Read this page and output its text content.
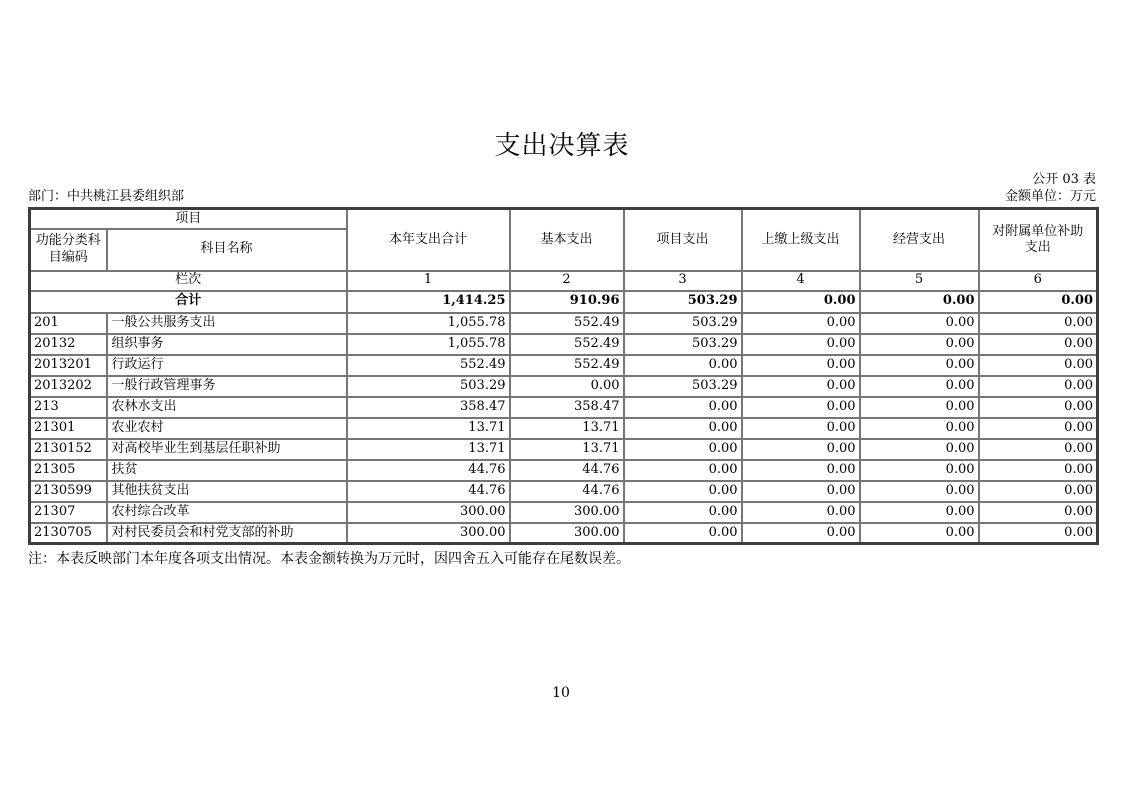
支出决算表
公开 03 表
部门：中共桃江县委组织部	金额单位：万元
项目		本年支出合计	基本支出	项目支出	上缴上级支出	经营支出	对附属单位补助支出
功能分类科目编码	科目名称						
栏次		1	2	3	4	5	6
合计		1,414.25	910.96	503.29	0.00	0.00	0.00
201	一般公共服务支出	1,055.78	552.49	503.29	0.00	0.00	0.00
20132	组织事务	1,055.78	552.49	503.29	0.00	0.00	0.00
2013201	行政运行	552.49	552.49	0.00	0.00	0.00	0.00
2013202	一般行政管理事务	503.29	0.00	503.29	0.00	0.00	0.00
213	农林水支出	358.47	358.47	0.00	0.00	0.00	0.00
21301	农业农村	13.71	13.71	0.00	0.00	0.00	0.00
2130152	对高校毕业生到基层任职补助	13.71	13.71	0.00	0.00	0.00	0.00
21305	扶贫	44.76	44.76	0.00	0.00	0.00	0.00
2130599	其他扶贫支出	44.76	44.76	0.00	0.00	0.00	0.00
21307	农村综合改革	300.00	300.00	0.00	0.00	0.00	0.00
2130705	对村民委员会和村党支部的补助	300.00	300.00	0.00	0.00	0.00	0.00
注：本表反映部门本年度各项支出情况。本表金额转换为万元时，因四舍五入可能存在尾数误差。
10
